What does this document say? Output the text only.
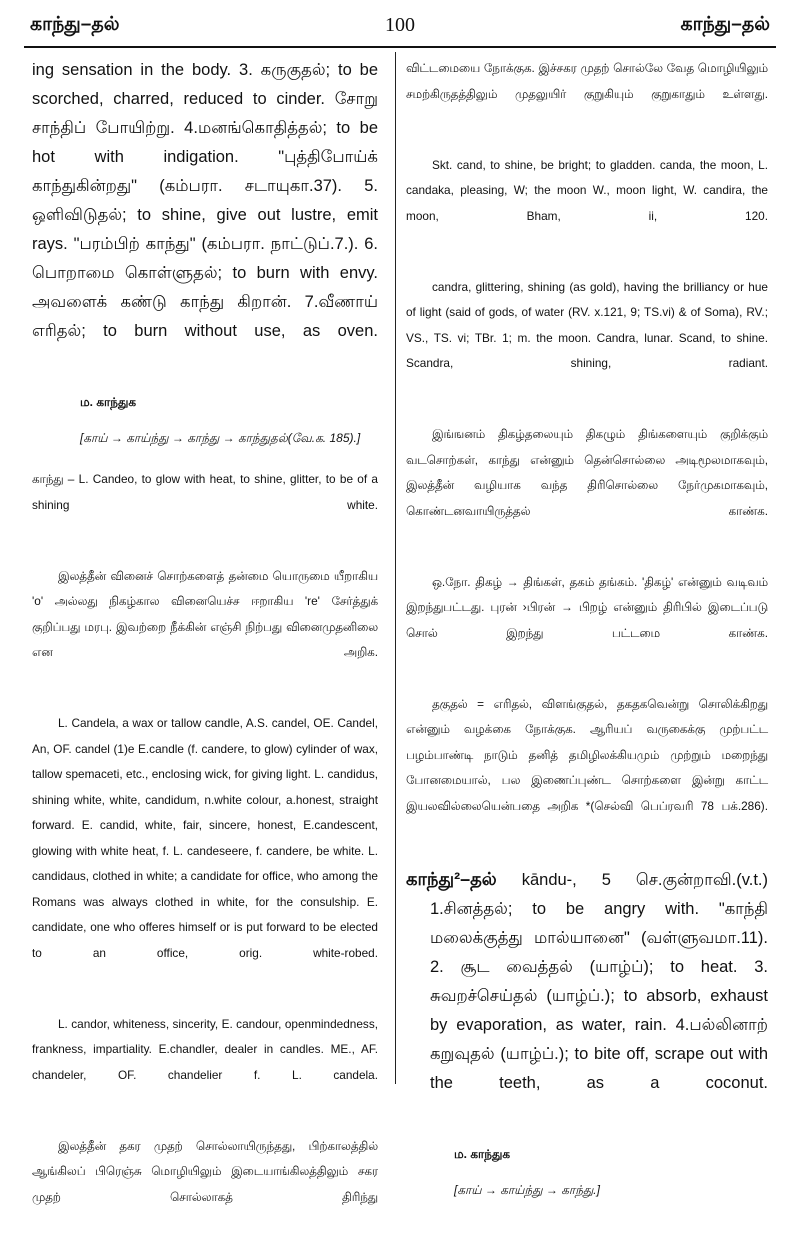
காந்து–தல்	100	காந்து–தல்

ing sensation in the body. 3. கருகுதல்; to be scorched, charred, reduced to cinder. சோறு சாந்திப் போயிற்று. 4.மனங்கொதித்தல்; to be hot with indigation. "புத்திபோய்க் காந்துகின்றது" (கம்பரா. சடாயுகா.37). 5. ஒளிவிடுதல்; to shine, give out lustre, emit rays. "பரம்பிற் காந்து" (கம்பரா. நாட்டுப்.7.). 6. பொறாமை கொள்ளுதல்; to burn with envy. அவளைக் கண்டு காந்து கிறான். 7.வீணாய் எரிதல்; to burn without use, as oven.

ம. காந்துக

[காய் → காய்ந்து → காந்து → காந்துதல்(வே.க. 185).]

காந்து – L. Candeo, to glow with heat, to shine, glitter, to be of a shining white.

இலத்தீன் வினைச் சொற்களைத் தன்மை யொருமை யீறாகிய 'o' அல்லது நிகழ்கால வினையெச்ச ஈறாகிய 're' சேர்த்துக் குறிப்பது மரபு. இவற்றை நீக்கின் எஞ்சி நிற்பது வினைமுதனிலை என அறிக.

L. Candela, a wax or tallow candle, A.S. candel, OE. Candel, An, OF. candel (1)e E.candle (f. candere, to glow) cylinder of wax, tallow spemaceti, etc., enclosing wick, for giving light. L. candidus, shining white, white, candidum, n.white colour, a.honest, straight forward. E. candid, white, fair, sincere, honest, E.candescent, glowing with white heat, f. L. candeseere, f. candere, be white. L. candidaus, clothed in white; a candidate for office, who among the Romans was always clothed in white, for the consulship. E. candidate, one who offeres himself or is put forward to be elected to an office, orig. white-robed.

L. candor, whiteness, sincerity, E. candour, openmindedness, frankness, impartiality. E.chandler, dealer in candles. ME., AF. chandeler, OF. chandelier f. L. candela.

இலத்தீன் தகர முதற் சொல்லாயிருந்தது, பிற்காலத்தில் ஆங்கிலப் பிரெஞ்சு மொழியிலும் இடையாங்கிலத்திலும் சகர முதற் சொல்லாகத் திரிந்து

விட்டமையை நோக்குக. இச்சகர முதற் சொல்லே வேத மொழியிலும் சமற்கிருதத்திலும் முதலுயிர் குறுகியும் குறுகாதும் உள்ளது.

Skt. cand, to shine, be bright; to gladden. canda, the moon, L. candaka, pleasing, W; the moon W., moon light, W. candira, the moon, Bham, ii, 120.

candra, glittering, shining (as gold), having the brilliancy or hue of light (said of gods, of water (RV. x.121, 9; TS.vi) & of Soma), RV.; VS., TS. vi; TBr. 1; m. the moon. Candra, lunar. Scand, to shine. Scandra, shining, radiant.

இங்ஙனம் திகழ்தலையும் திகழும் திங்களையும் குறிக்கும் வடசொற்கள், காந்து என்னும் தென்சொல்லை அடிமூலமாகவும், இலத்தீன் வழியாக வந்த திரிசொல்லை நேர்முகமாகவும், கொண்டனவாயிருத்தல் காண்க.

ஒ.நோ. திகழ் → திங்கள், தகம் தங்கம். 'திகழ்' என்னும் வடிவம் இறந்துபட்டது. புரன் ›பிரன் → பிறழ் என்னும் திரிபில் இடைப்படு சொல் இறந்து பட்டமை காண்க.

தகுதல் = எரிதல், விளங்குதல், தகதகவென்று சொலிக்கிறது என்னும் வழக்கை நோக்குக. ஆரியப் வருகைக்கு முற்பட்ட பழம்பாண்டி நாடும் தனித் தமிழிலக்கியமும் முற்றும் மறைந்து போனமையால், பல இணைப்புண்ட சொற்களை இன்று காட்ட இயலவில்லையென்பதை அறிக *(செல்வி பெப்ரவரி 78 பக்.286).

காந்து²–தல் kāndu-, 5 செ.குன்றாவி.(v.t.) 1.சினத்தல்; to be angry with. "காந்தி மலைக்குத்து மால்யானை" (வள்ளுவமா.11). 2. சூட வைத்தல் (யாழ்ப்); to heat. 3. சுவறச்செய்தல் (யாழ்ப்.); to absorb, exhaust by evaporation, as water, rain. 4.பல்லினாற் கறுவுதல் (யாழ்ப்.); to bite off, scrape out with the teeth, as a coconut.

ம. காந்துக

[காய் → காய்ந்து → காந்து.]
